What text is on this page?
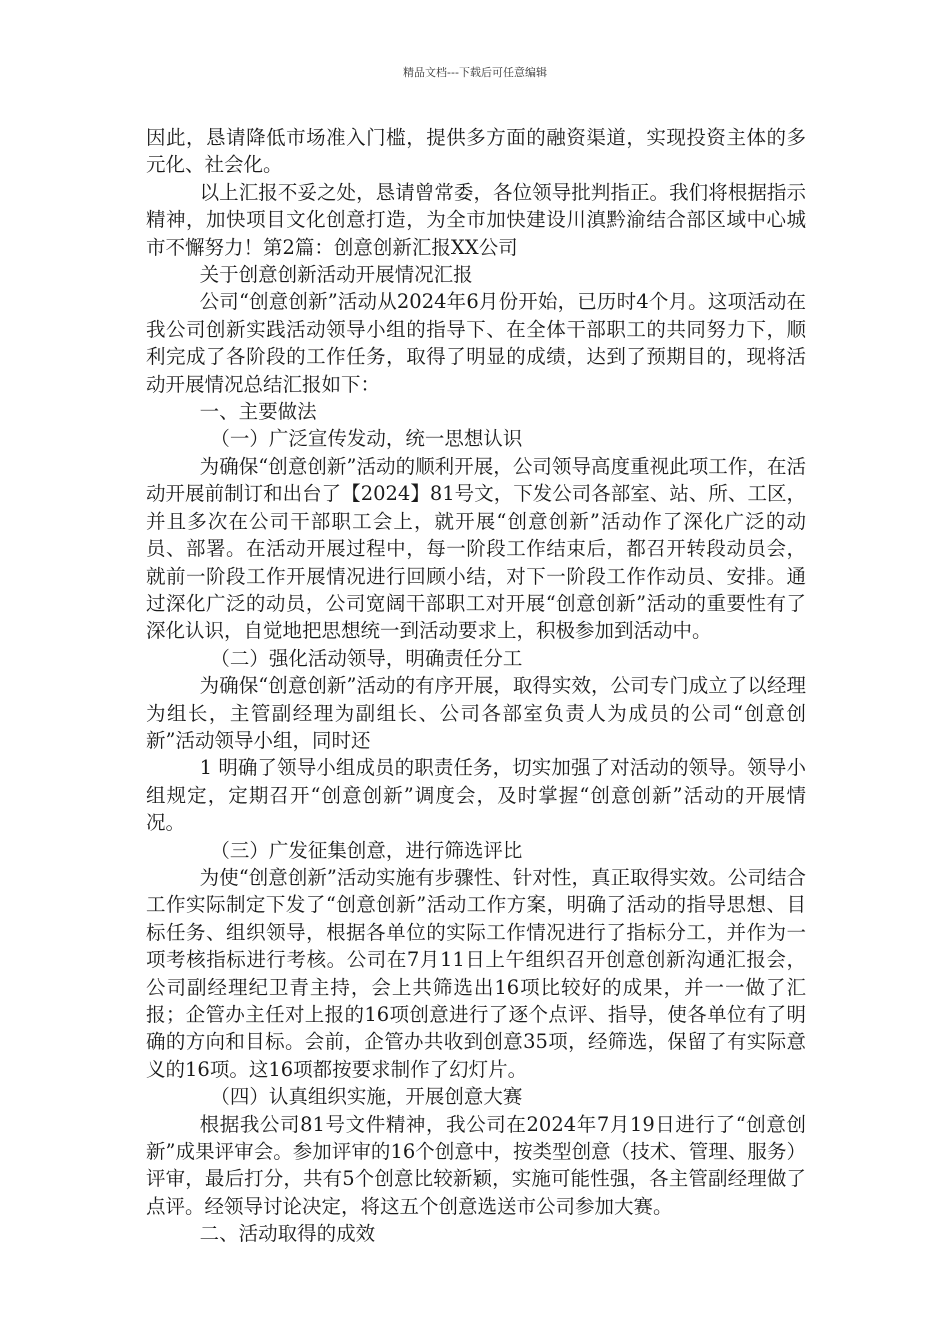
精品文档---下载后可任意编辑

因此，恳请降低市场准入门槛，提供多方面的融资渠道，实现投资主体的多元化、社会化。

以上汇报不妥之处，恳请曾常委，各位领导批判指正。我们将根据指示精神，加快项目文化创意打造，为全市加快建设川滇黔渝结合部区域中心城市不懈努力！第2篇：创意创新汇报XX公司

关于创意创新活动开展情况汇报

公司“创意创新”活动从2024年6月份开始，已历时4个月。这项活动在我公司创新实践活动领导小组的指导下、在全体干部职工的共同努力下，顺利完成了各阶段的工作任务，取得了明显的成绩，达到了预期目的，现将活动开展情况总结汇报如下：

一、主要做法

（一）广泛宣传发动，统一思想认识

为确保“创意创新”活动的顺利开展，公司领导高度重视此项工作，在活动开展前制订和出台了【2024】81号文，下发公司各部室、站、所、工区，并且多次在公司干部职工会上，就开展“创意创新”活动作了深化广泛的动员、部署。在活动开展过程中，每一阶段工作结束后，都召开转段动员会，就前一阶段工作开展情况进行回顾小结，对下一阶段工作作动员、安排。通过深化广泛的动员，公司宽阔干部职工对开展“创意创新”活动的重要性有了深化认识，自觉地把思想统一到活动要求上，积极参加到活动中。

（二）强化活动领导，明确责任分工

为确保“创意创新”活动的有序开展，取得实效，公司专门成立了以经理为组长，主管副经理为副组长、公司各部室负责人为成员的公司“创意创新”活动领导小组，同时还

1 明确了领导小组成员的职责任务，切实加强了对活动的领导。领导小组规定，定期召开“创意创新”调度会，及时掌握“创意创新”活动的开展情况。

（三）广发征集创意，进行筛选评比

为使“创意创新”活动实施有步骤性、针对性，真正取得实效。公司结合工作实际制定下发了“创意创新”活动工作方案，明确了活动的指导思想、目标任务、组织领导，根据各单位的实际工作情况进行了指标分工，并作为一项考核指标进行考核。公司在7月11日上午组织召开创意创新沟通汇报会，公司副经理纪卫青主持，会上共筛选出16项比较好的成果，并一一做了汇报；企管办主任对上报的16项创意进行了逐个点评、指导，使各单位有了明确的方向和目标。会前，企管办共收到创意35项，经筛选，保留了有实际意义的16项。这16项都按要求制作了幻灯片。

（四）认真组织实施，开展创意大赛

根据我公司81号文件精神，我公司在2024年7月19日进行了“创意创新”成果评审会。参加评审的16个创意中，按类型创意（技术、管理、服务）评审，最后打分，共有5个创意比较新颖，实施可能性强，各主管副经理做了点评。经领导讨论决定，将这五个创意选送市公司参加大赛。

二、活动取得的成效
